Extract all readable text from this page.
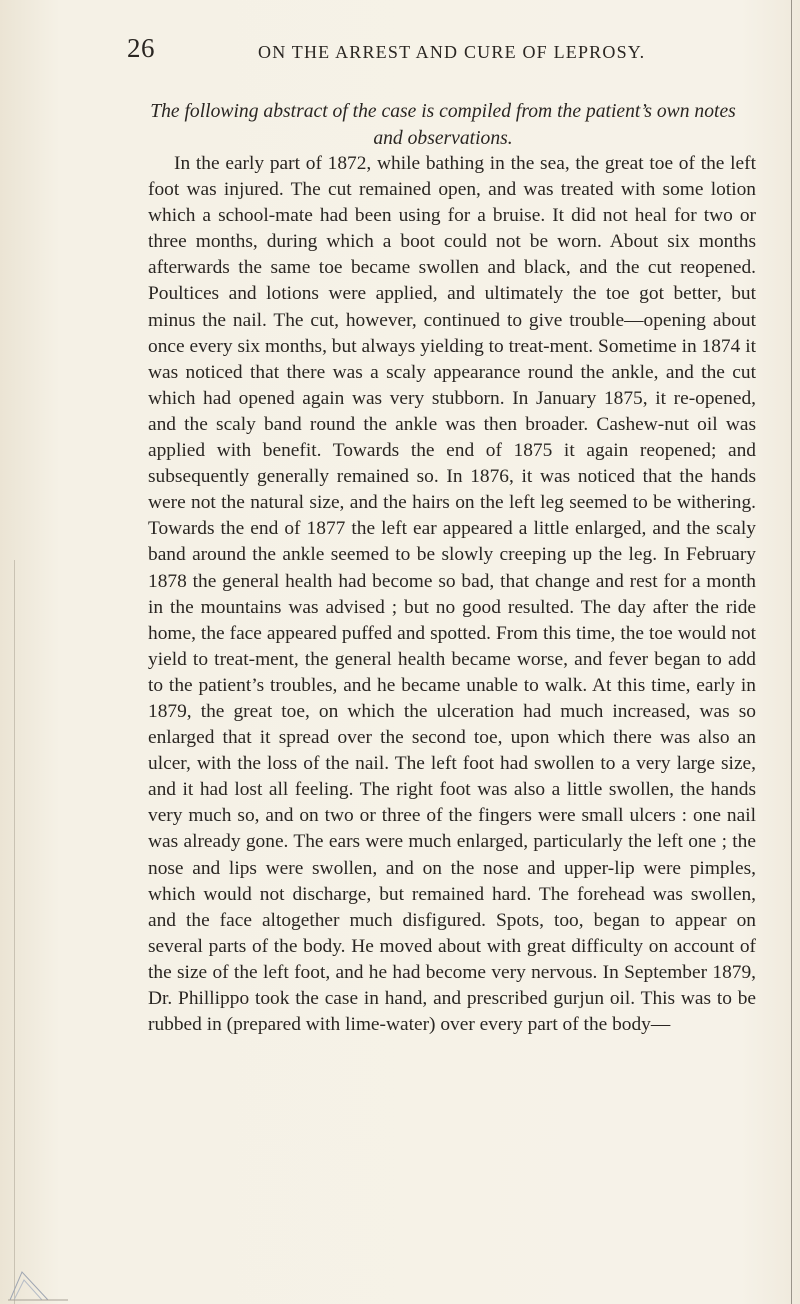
26	ON THE ARREST AND CURE OF LEPROSY.

The following abstract of the case is compiled from the patient’s own notes and observations.

In the early part of 1872, while bathing in the sea, the great toe of the left foot was injured. The cut remained open, and was treated with some lotion which a school-mate had been using for a bruise. It did not heal for two or three months, during which a boot could not be worn. About six months afterwards the same toe became swollen and black, and the cut reopened. Poultices and lotions were applied, and ultimately the toe got better, but minus the nail. The cut, however, continued to give trouble—opening about once every six months, but always yielding to treat-ment. Sometime in 1874 it was noticed that there was a scaly appearance round the ankle, and the cut which had opened again was very stubborn. In January 1875, it re-opened, and the scaly band round the ankle was then broader. Cashew-nut oil was applied with benefit. Towards the end of 1875 it again reopened; and subsequently generally remained so. In 1876, it was noticed that the hands were not the natural size, and the hairs on the left leg seemed to be withering. Towards the end of 1877 the left ear appeared a little enlarged, and the scaly band around the ankle seemed to be slowly creeping up the leg. In February 1878 the general health had become so bad, that change and rest for a month in the mountains was advised ; but no good resulted. The day after the ride home, the face appeared puffed and spotted. From this time, the toe would not yield to treat-ment, the general health became worse, and fever began to add to the patient’s troubles, and he became unable to walk. At this time, early in 1879, the great toe, on which the ulceration had much increased, was so enlarged that it spread over the second toe, upon which there was also an ulcer, with the loss of the nail. The left foot had swollen to a very large size, and it had lost all feeling. The right foot was also a little swollen, the hands very much so, and on two or three of the fingers were small ulcers : one nail was already gone. The ears were much enlarged, particularly the left one ; the nose and lips were swollen, and on the nose and upper-lip were pimples, which would not discharge, but remained hard. The forehead was swollen, and the face altogether much disfigured. Spots, too, began to appear on several parts of the body. He moved about with great difficulty on account of the size of the left foot, and he had become very nervous. In September 1879, Dr. Phillippo took the case in hand, and prescribed gurjun oil. This was to be rubbed in (prepared with lime-water) over every part of the body—
